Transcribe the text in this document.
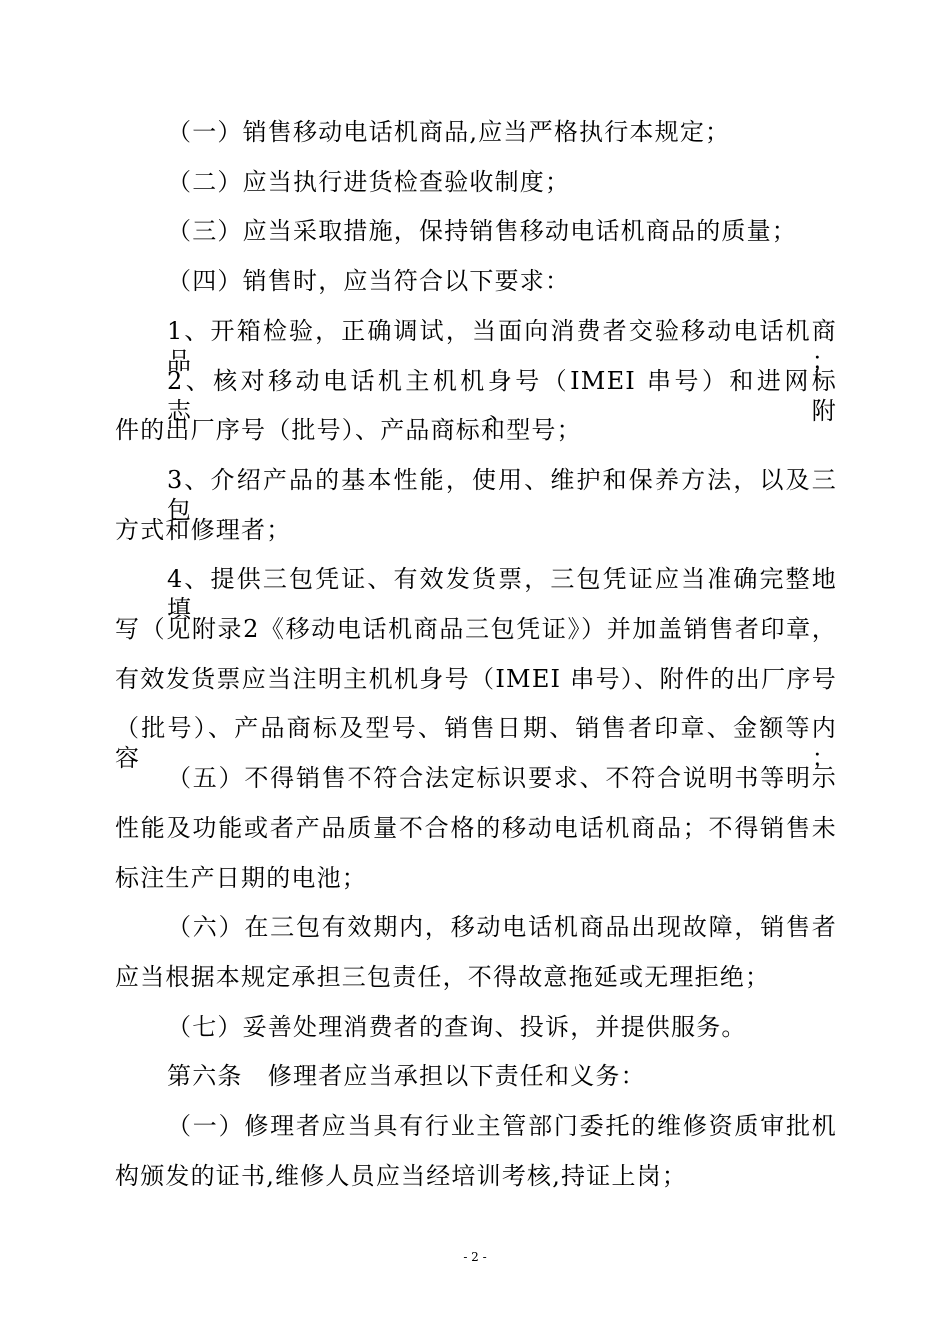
（一）销售移动电话机商品,应当严格执行本规定；
（二）应当执行进货检查验收制度；
（三）应当采取措施，保持销售移动电话机商品的质量；
（四）销售时，应当符合以下要求：
1、开箱检验，正确调试，当面向消费者交验移动电话机商品；
2、核对移动电话机主机机身号（IMEI 串号）和进网标志、附
件的出厂序号（批号）、产品商标和型号；
3、介绍产品的基本性能，使用、维护和保养方法，以及三包
方式和修理者；
4、提供三包凭证、有效发货票，三包凭证应当准确完整地填
写（见附录2《移动电话机商品三包凭证》）并加盖销售者印章，
有效发货票应当注明主机机身号（IMEI 串号）、附件的出厂序号
（批号）、产品商标及型号、销售日期、销售者印章、金额等内容；
（五）不得销售不符合法定标识要求、不符合说明书等明示
性能及功能或者产品质量不合格的移动电话机商品；不得销售未
标注生产日期的电池；
（六）在三包有效期内，移动电话机商品出现故障，销售者
应当根据本规定承担三包责任，不得故意拖延或无理拒绝；
（七）妥善处理消费者的查询、投诉，并提供服务。
第六条　修理者应当承担以下责任和义务：
（一）修理者应当具有行业主管部门委托的维修资质审批机
构颁发的证书,维修人员应当经培训考核,持证上岗；
- 2 -
